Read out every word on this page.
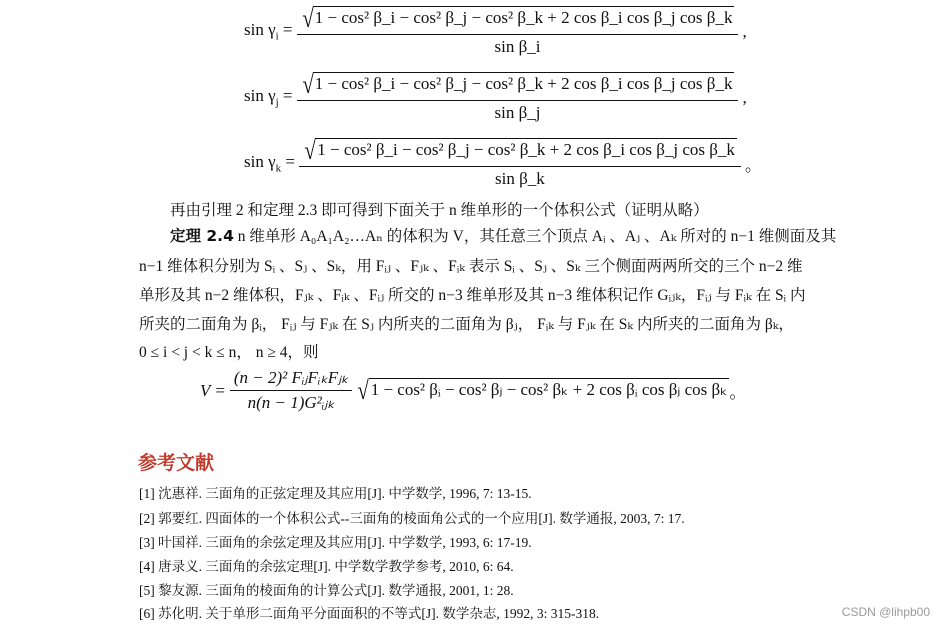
$\sin \gamma_i$ = √ 1 − cos² β_i − cos² β_j − cos² β_k + 2 cos β_i cos β_j cos β_k
sin β_i
,
$\sin \gamma_j$ = √ 1 − cos² β_i − cos² β_j − cos² β_k + 2 cos β_i cos β_j cos β_k
sin β_j
,
$\sin \gamma_k$ = √ 1 − cos² β_i − cos² β_j − cos² β_k + 2 cos β_i cos β_j cos β_k
sin β_k
。
再由引理 2 和定理 2.3 即可得到下面关于 n 维单形的一个体积公式（证明从略）
定理 2.4 n 维单形 A₀A₁A₂…Aₙ 的体积为 V，其任意三个顶点 Aᵢ 、Aⱼ 、Aₖ 所对的 n−1 维侧面及其
n−1 维体积分别为 Sᵢ 、Sⱼ 、Sₖ，用 Fᵢⱼ 、Fⱼₖ 、Fᵢₖ 表示 Sᵢ 、Sⱼ 、Sₖ 三个侧面两两所交的三个 n−2 维
单形及其 n−2 维体积，Fⱼₖ 、Fᵢₖ 、Fᵢⱼ 所交的 n−3 维单形及其 n−3 维体积记作 Gᵢⱼₖ，Fᵢⱼ 与 Fᵢₖ 在 Sᵢ 内
所夹的二面角为 βᵢ， Fᵢⱼ 与 Fⱼₖ 在 Sⱼ 内所夹的二面角为 βⱼ， Fᵢₖ 与 Fⱼₖ 在 Sₖ 内所夹的二面角为 βₖ，
0 ≤ i < j < k ≤ n， n ≥ 4，则
$V = \frac{\text{(n − 2)² FᵢⱼFᵢₖFⱼₖ}}{\text{n(n − 1)G²ᵢⱼₖ}}$ √ 1 − cos² βᵢ − cos² βⱼ − cos² βₖ + 2 cos βᵢ cos βⱼ cos βₖ 。
参考文献
[1] 沈惠祥. 三面角的正弦定理及其应用[J]. 中学数学, 1996, 7: 13-15.
[2] 郭要红. 四面体的一个体积公式--三面角的棱面角公式的一个应用[J]. 数学通报, 2003, 7: 17.
[3] 叶国祥. 三面角的余弦定理及其应用[J]. 中学数学, 1993, 6: 17-19.
[4] 唐录义. 三面角的余弦定理[J]. 中学数学教学参考, 2010, 6: 64.
[5] 黎友源. 三面角的棱面角的计算公式[J]. 数学通报, 2001, 1: 28.
[6] 苏化明. 关于单形二面角平分面面积的不等式[J]. 数学杂志, 1992, 3: 315-318.	CSDN @lihpb00
